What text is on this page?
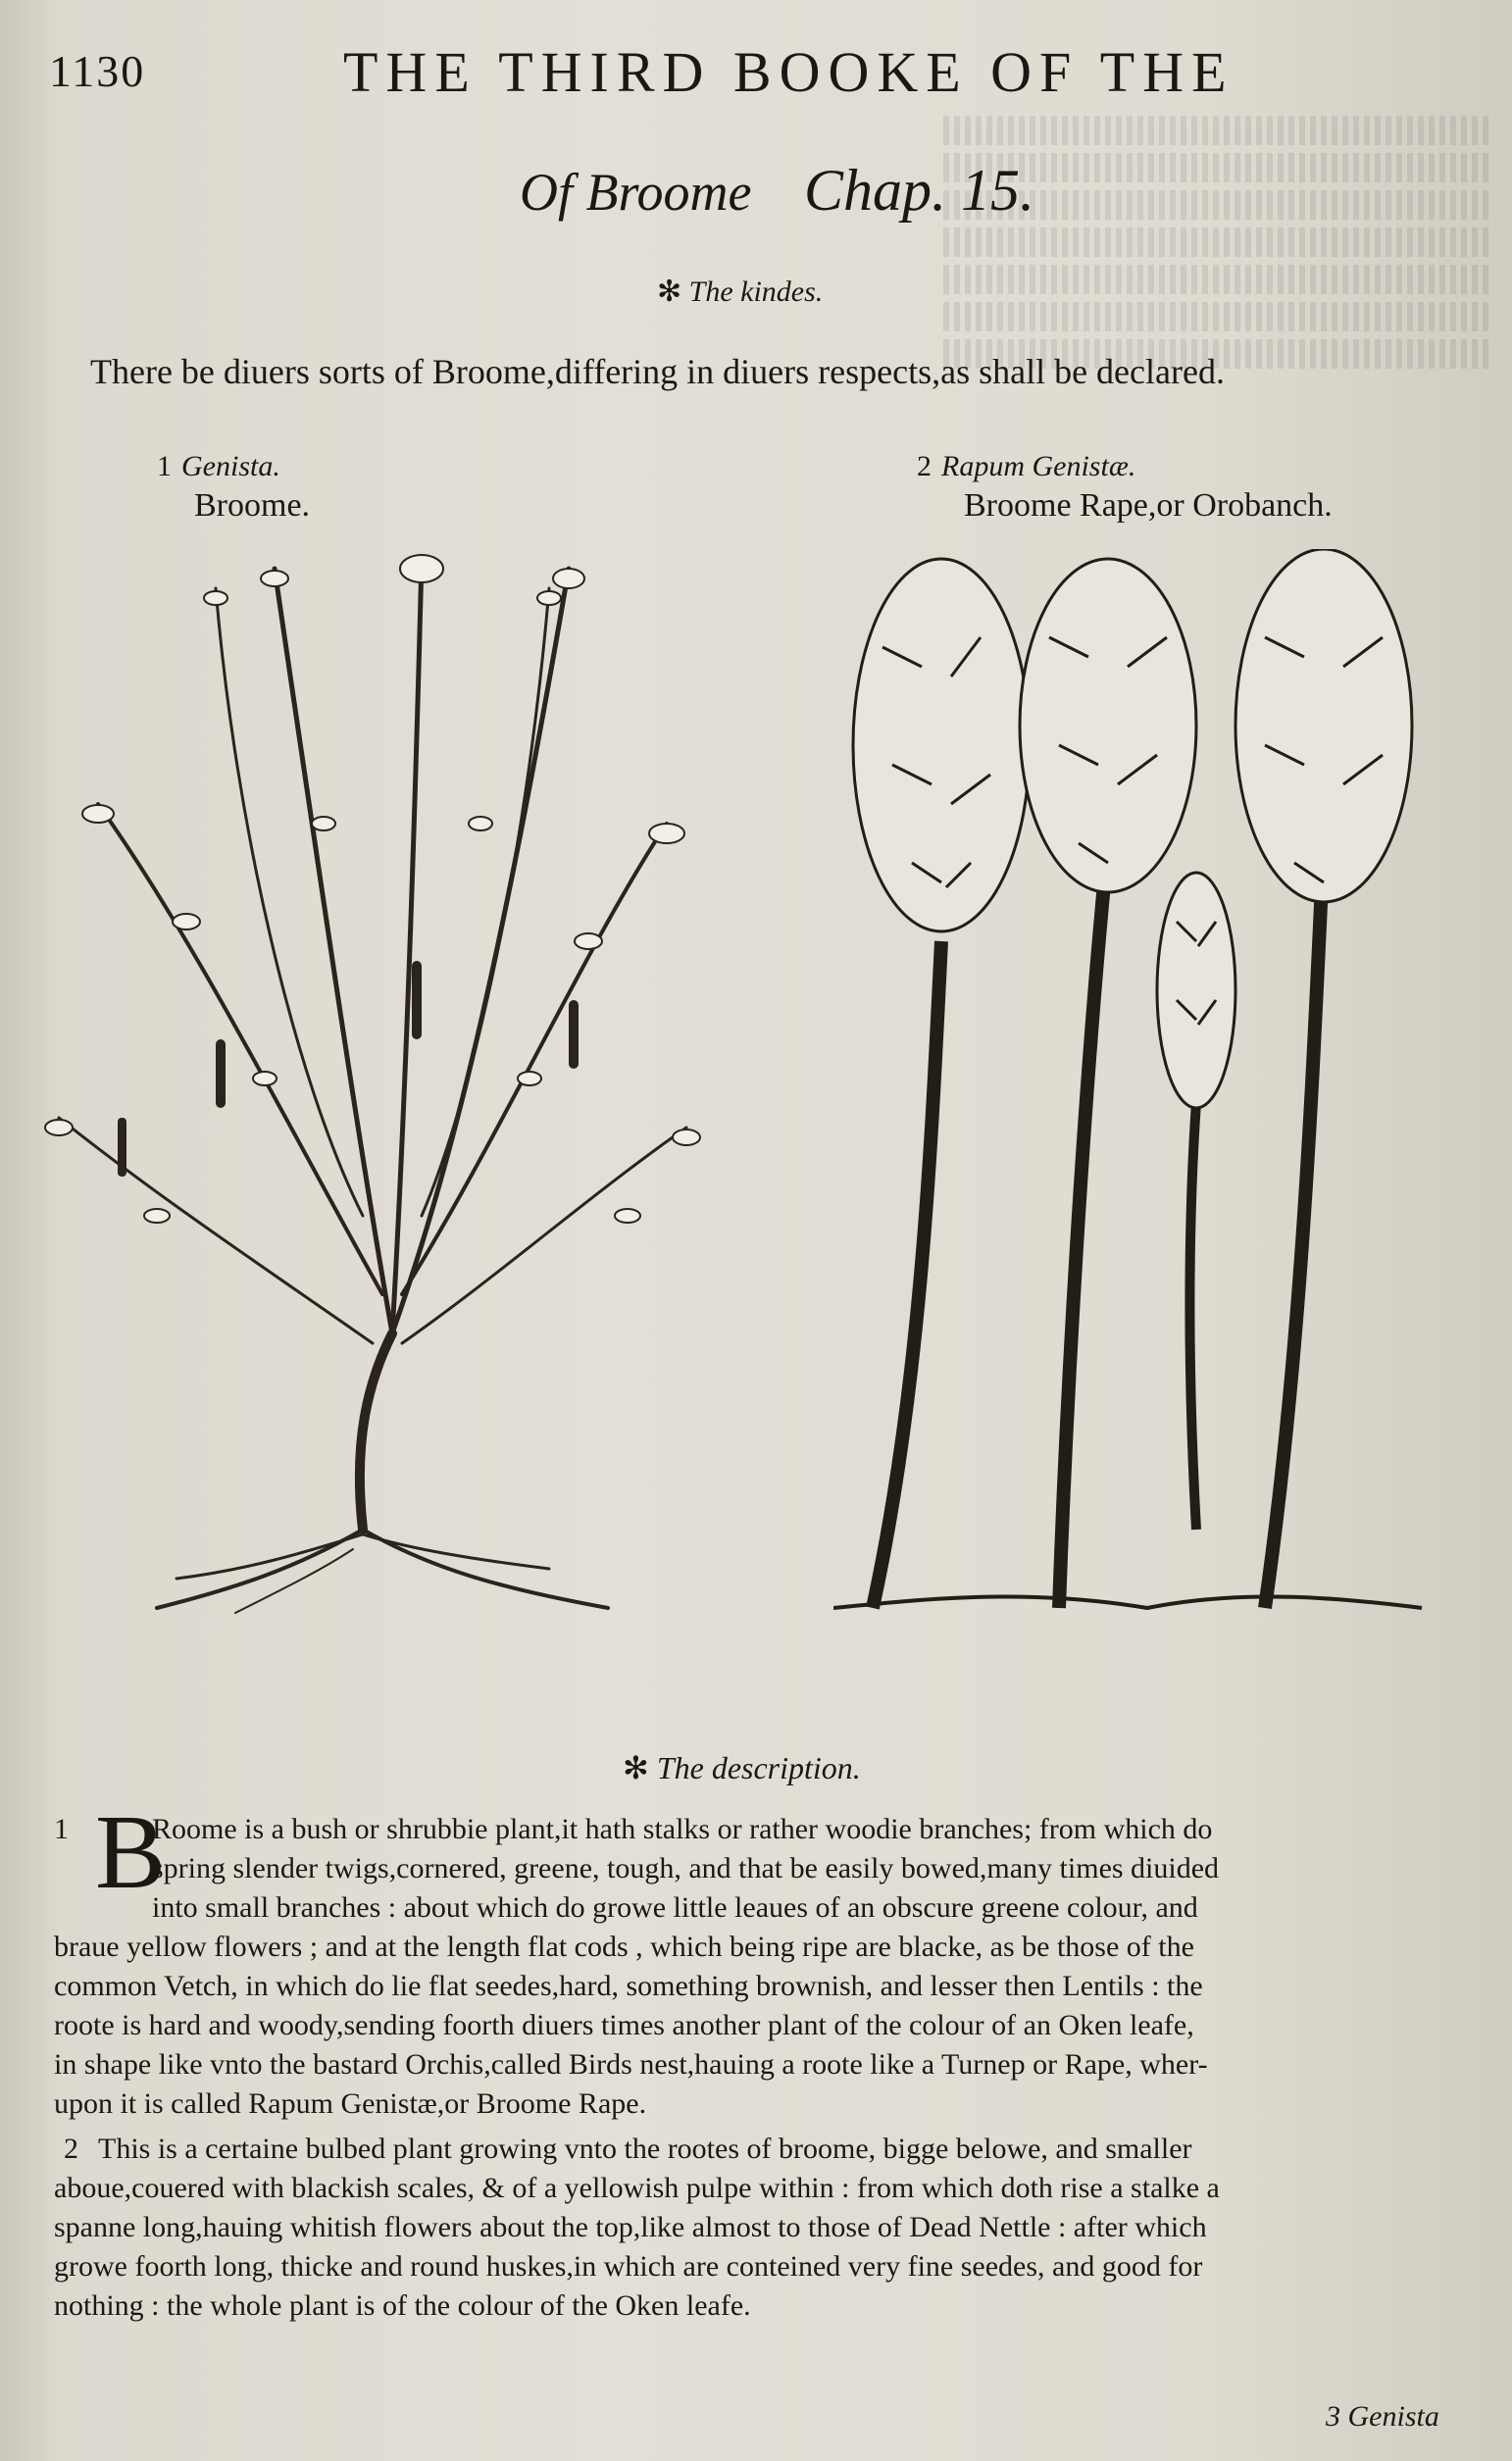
1130	THE THIRD BOOKE OF THE
Of Broome Chap. 15.
✻ The kindes.
There be diuers sorts of Broome,differing in diuers respects,as shall be declared.
1 Genista.
Broome.
2 Rapum Genistæ.
Broome Rape,or Orobanch.
✻ The description.
1 B
Roome is a bush or shrubbie plant,it hath stalks or rather woodie branches; from which do
spring slender twigs,cornered, greene, tough, and that be easily bowed,many times diuided
into small branches : about which do growe little leaues of an obscure greene colour, and
braue yellow flowers ; and at the length flat cods , which being ripe are blacke, as be those of the
common Vetch, in which do lie flat seedes,hard, something brownish, and lesser then Lentils : the
roote is hard and woody,sending foorth diuers times another plant of the colour of an Oken leafe,
in shape like vnto the bastard Orchis,called Birds nest,hauing a roote like a Turnep or Rape, wher-
upon it is called Rapum Genistæ,or Broome Rape.
2 This is a certaine bulbed plant growing vnto the rootes of broome, bigge belowe, and smaller
aboue,couered with blackish scales, & of a yellowish pulpe within : from which doth rise a stalke a
spanne long,hauing whitish flowers about the top,like almost to those of Dead Nettle : after which
growe foorth long, thicke and round huskes,in which are conteined very fine seedes, and good for
nothing : the whole plant is of the colour of the Oken leafe.
3 Genista
